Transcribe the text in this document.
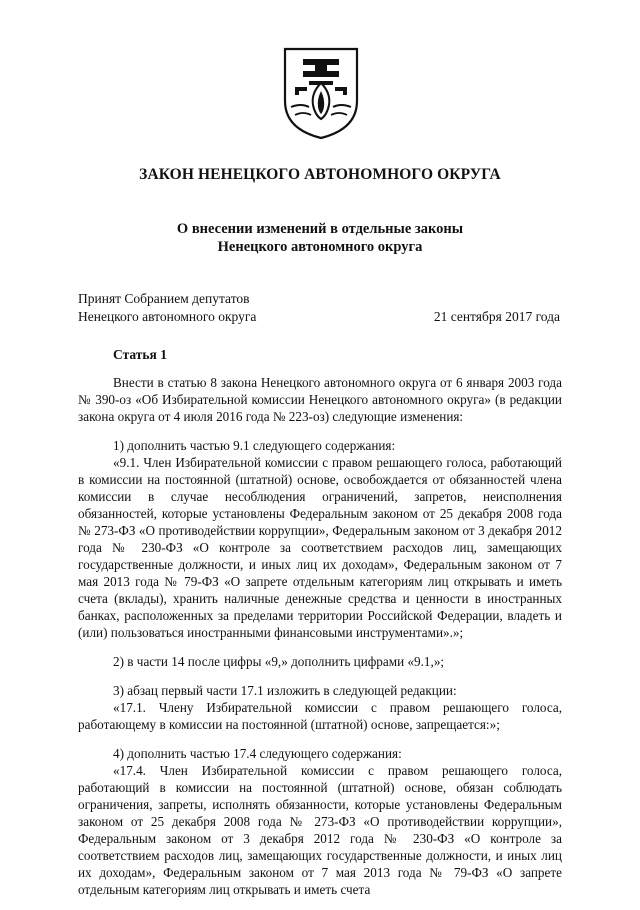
ЗАКОН НЕНЕЦКОГО АВТОНОМНОГО ОКРУГА
О внесении изменений в отдельные законы
Ненецкого автономного округа
Принят Собранием депутатов
Ненецкого автономного округа	21 сентября 2017 года
Статья 1

Внести в статью 8 закона Ненецкого автономного округа от 6 января 2003 года № 390-оз «Об Избирательной комиссии Ненецкого автономного округа» (в редакции закона округа от 4 июля 2016 года № 223-оз) следующие изменения:

1) дополнить частью 9.1 следующего содержания:

«9.1. Член Избирательной комиссии с правом решающего голоса, работающий в комиссии на постоянной (штатной) основе, освобождается от обязанностей члена комиссии в случае несоблюдения ограничений, запретов, неисполнения обязанностей, которые установлены Федеральным законом от 25 декабря 2008 года № 273-ФЗ «О противодействии коррупции», Федеральным законом от 3 декабря 2012 года № 230-ФЗ «О контроле за соответствием расходов лиц, замещающих государственные должности, и иных лиц их доходам», Федеральным законом от 7 мая 2013 года № 79-ФЗ «О запрете отдельным категориям лиц открывать и иметь счета (вклады), хранить наличные денежные средства и ценности в иностранных банках, расположенных за пределами территории Российской Федерации, владеть и (или) пользоваться иностранными финансовыми инструментами».»;

2) в части 14 после цифры «9,» дополнить цифрами «9.1,»;

3) абзац первый части 17.1 изложить в следующей редакции:

«17.1. Члену Избирательной комиссии с правом решающего голоса, работающему в комиссии на постоянной (штатной) основе, запрещается:»;

4) дополнить частью 17.4 следующего содержания:

«17.4. Член Избирательной комиссии с правом решающего голоса, работающий в комиссии на постоянной (штатной) основе, обязан соблюдать ограничения, запреты, исполнять обязанности, которые установлены Федеральным законом от 25 декабря 2008 года № 273-ФЗ «О противодействии коррупции», Федеральным законом от 3 декабря 2012 года № 230-ФЗ «О контроле за соответствием расходов лиц, замещающих государственные должности, и иных лиц их доходам», Федеральным законом от 7 мая 2013 года № 79-ФЗ «О запрете отдельным категориям лиц открывать и иметь счета
